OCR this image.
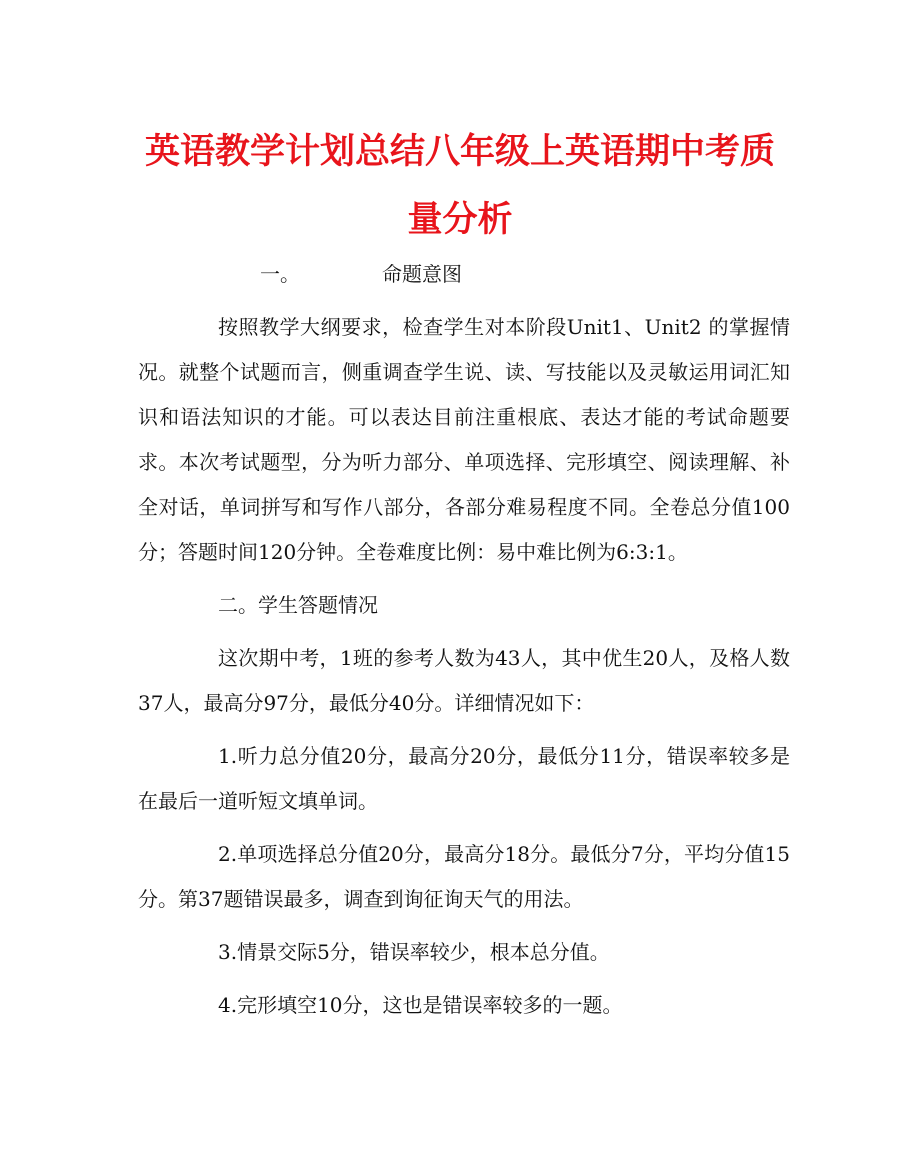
英语教学计划总结八年级上英语期中考质
量分析

一。	命题意图

按照教学大纲要求，检查学生对本阶段Unit1、Unit2 的掌握情况。就整个试题而言，侧重调查学生说、读、写技能以及灵敏运用词汇知识和语法知识的才能。可以表达目前注重根底、表达才能的考试命题要求。本次考试题型，分为听力部分、单项选择、完形填空、阅读理解、补全对话，单词拼写和写作八部分，各部分难易程度不同。全卷总分值100分；答题时间120分钟。全卷难度比例：易中难比例为6:3:1。

二。学生答题情况

这次期中考，1班的参考人数为43人，其中优生20人，及格人数37人，最高分97分，最低分40分。详细情况如下：

1.听力总分值20分，最高分20分，最低分11分，错误率较多是在最后一道听短文填单词。

2.单项选择总分值20分，最高分18分。最低分7分，平均分值15分。第37题错误最多，调查到询征询天气的用法。

3.情景交际5分，错误率较少，根本总分值。

4.完形填空10分，这也是错误率较多的一题。
